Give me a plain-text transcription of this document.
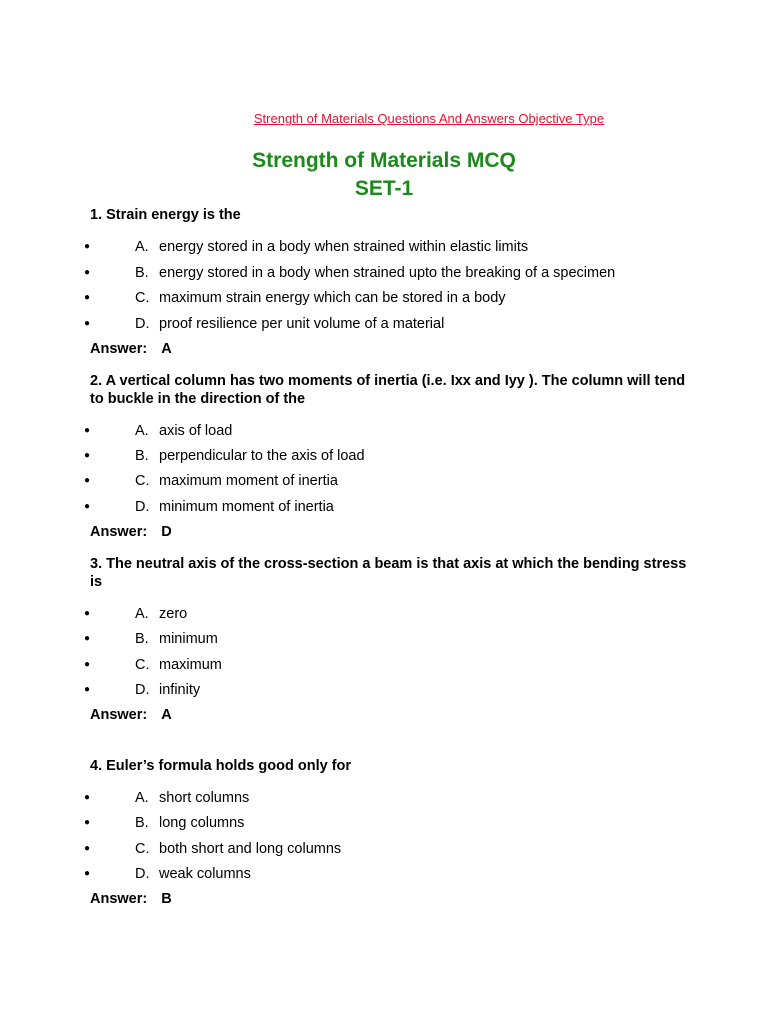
Strength of Materials Questions And Answers Objective Type
Strength of Materials MCQ
SET-1

1. Strain energy is the

●	A. energy stored in a body when strained within elastic limits
●	B. energy stored in a body when strained upto the breaking of a specimen
●	C. maximum strain energy which can be stored in a body
●	D. proof resilience per unit volume of a material
Answer: A

2. A vertical column has two moments of inertia (i.e. Ixx and Iyy ). The column will tend to buckle in the direction of the

●	A. axis of load
●	B. perpendicular to the axis of load
●	C. maximum moment of inertia
●	D. minimum moment of inertia
Answer: D

3. The neutral axis of the cross-section a beam is that axis at which the bending stress is

●	A. zero
●	B. minimum
●	C. maximum
●	D. infinity
Answer: A

4. Euler’s formula holds good only for

●	A. short columns
●	B. long columns
●	C. both short and long columns
●	D. weak columns
Answer: B
